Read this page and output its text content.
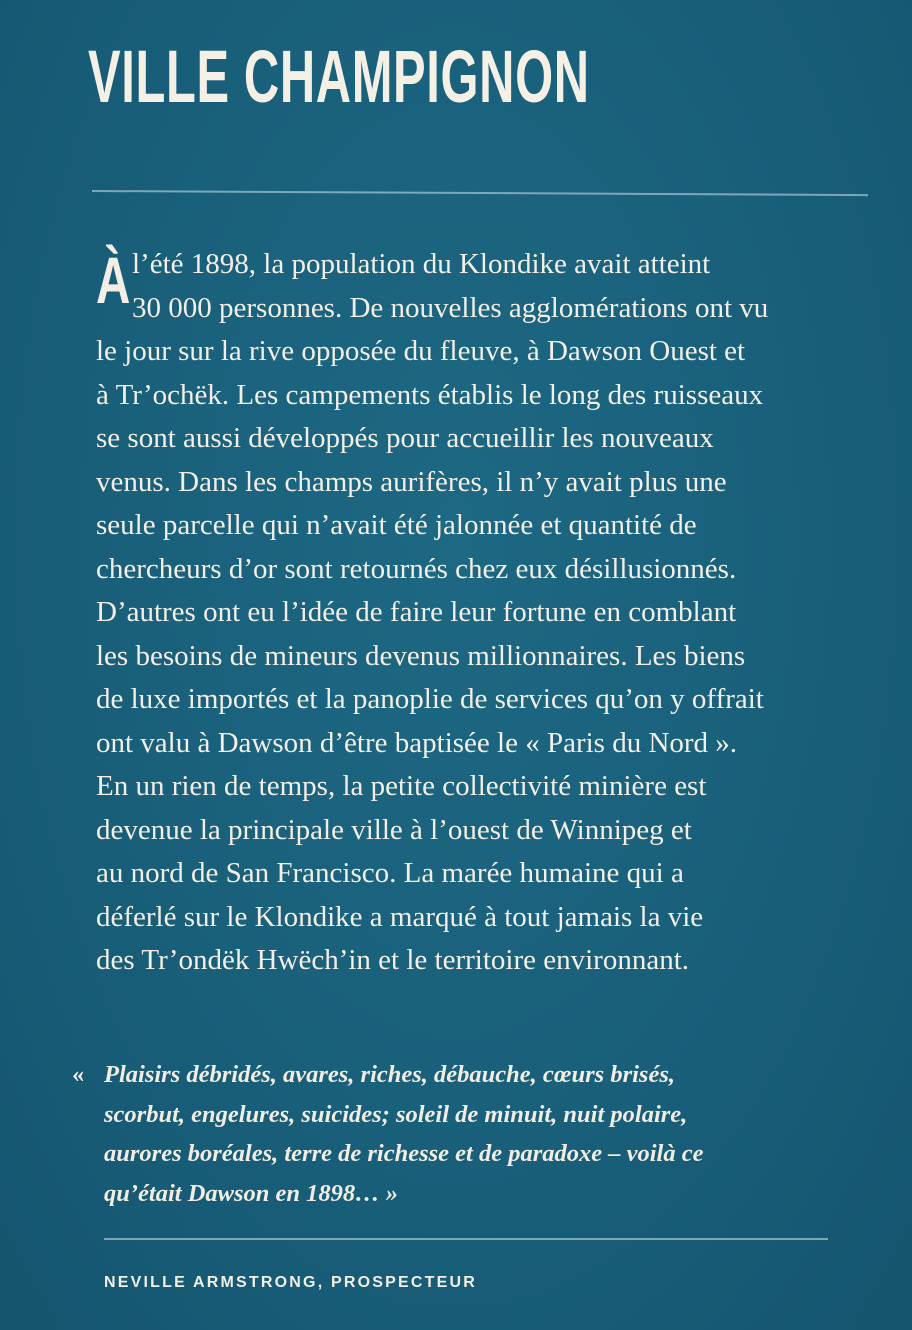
VILLE CHAMPIGNON
À l’été 1898, la population du Klondike avait atteint
30 000 personnes. De nouvelles agglomérations ont vu
le jour sur la rive opposée du fleuve, à Dawson Ouest et
à Tr’ochëk. Les campements établis le long des ruisseaux
se sont aussi développés pour accueillir les nouveaux
venus. Dans les champs aurifères, il n’y avait plus une
seule parcelle qui n’avait été jalonnée et quantité de
chercheurs d’or sont retournés chez eux désillusionnés.
D’autres ont eu l’idée de faire leur fortune en comblant
les besoins de mineurs devenus millionnaires. Les biens
de luxe importés et la panoplie de services qu’on y offrait
ont valu à Dawson d’être baptisée le « Paris du Nord ».
En un rien de temps, la petite collectivité minière est
devenue la principale ville à l’ouest de Winnipeg et
au nord de San Francisco. La marée humaine qui a
déferlé sur le Klondike a marqué à tout jamais la vie
des Tr’ondëk Hwëch’in et le territoire environnant.
« Plaisirs débridés, avares, riches, débauche, cœurs brisés,
scorbut, engelures, suicides; soleil de minuit, nuit polaire,
aurores boréales, terre de richesse et de paradoxe – voilà ce
qu’était Dawson en 1898… »

NEVILLE ARMSTRONG, PROSPECTEUR
